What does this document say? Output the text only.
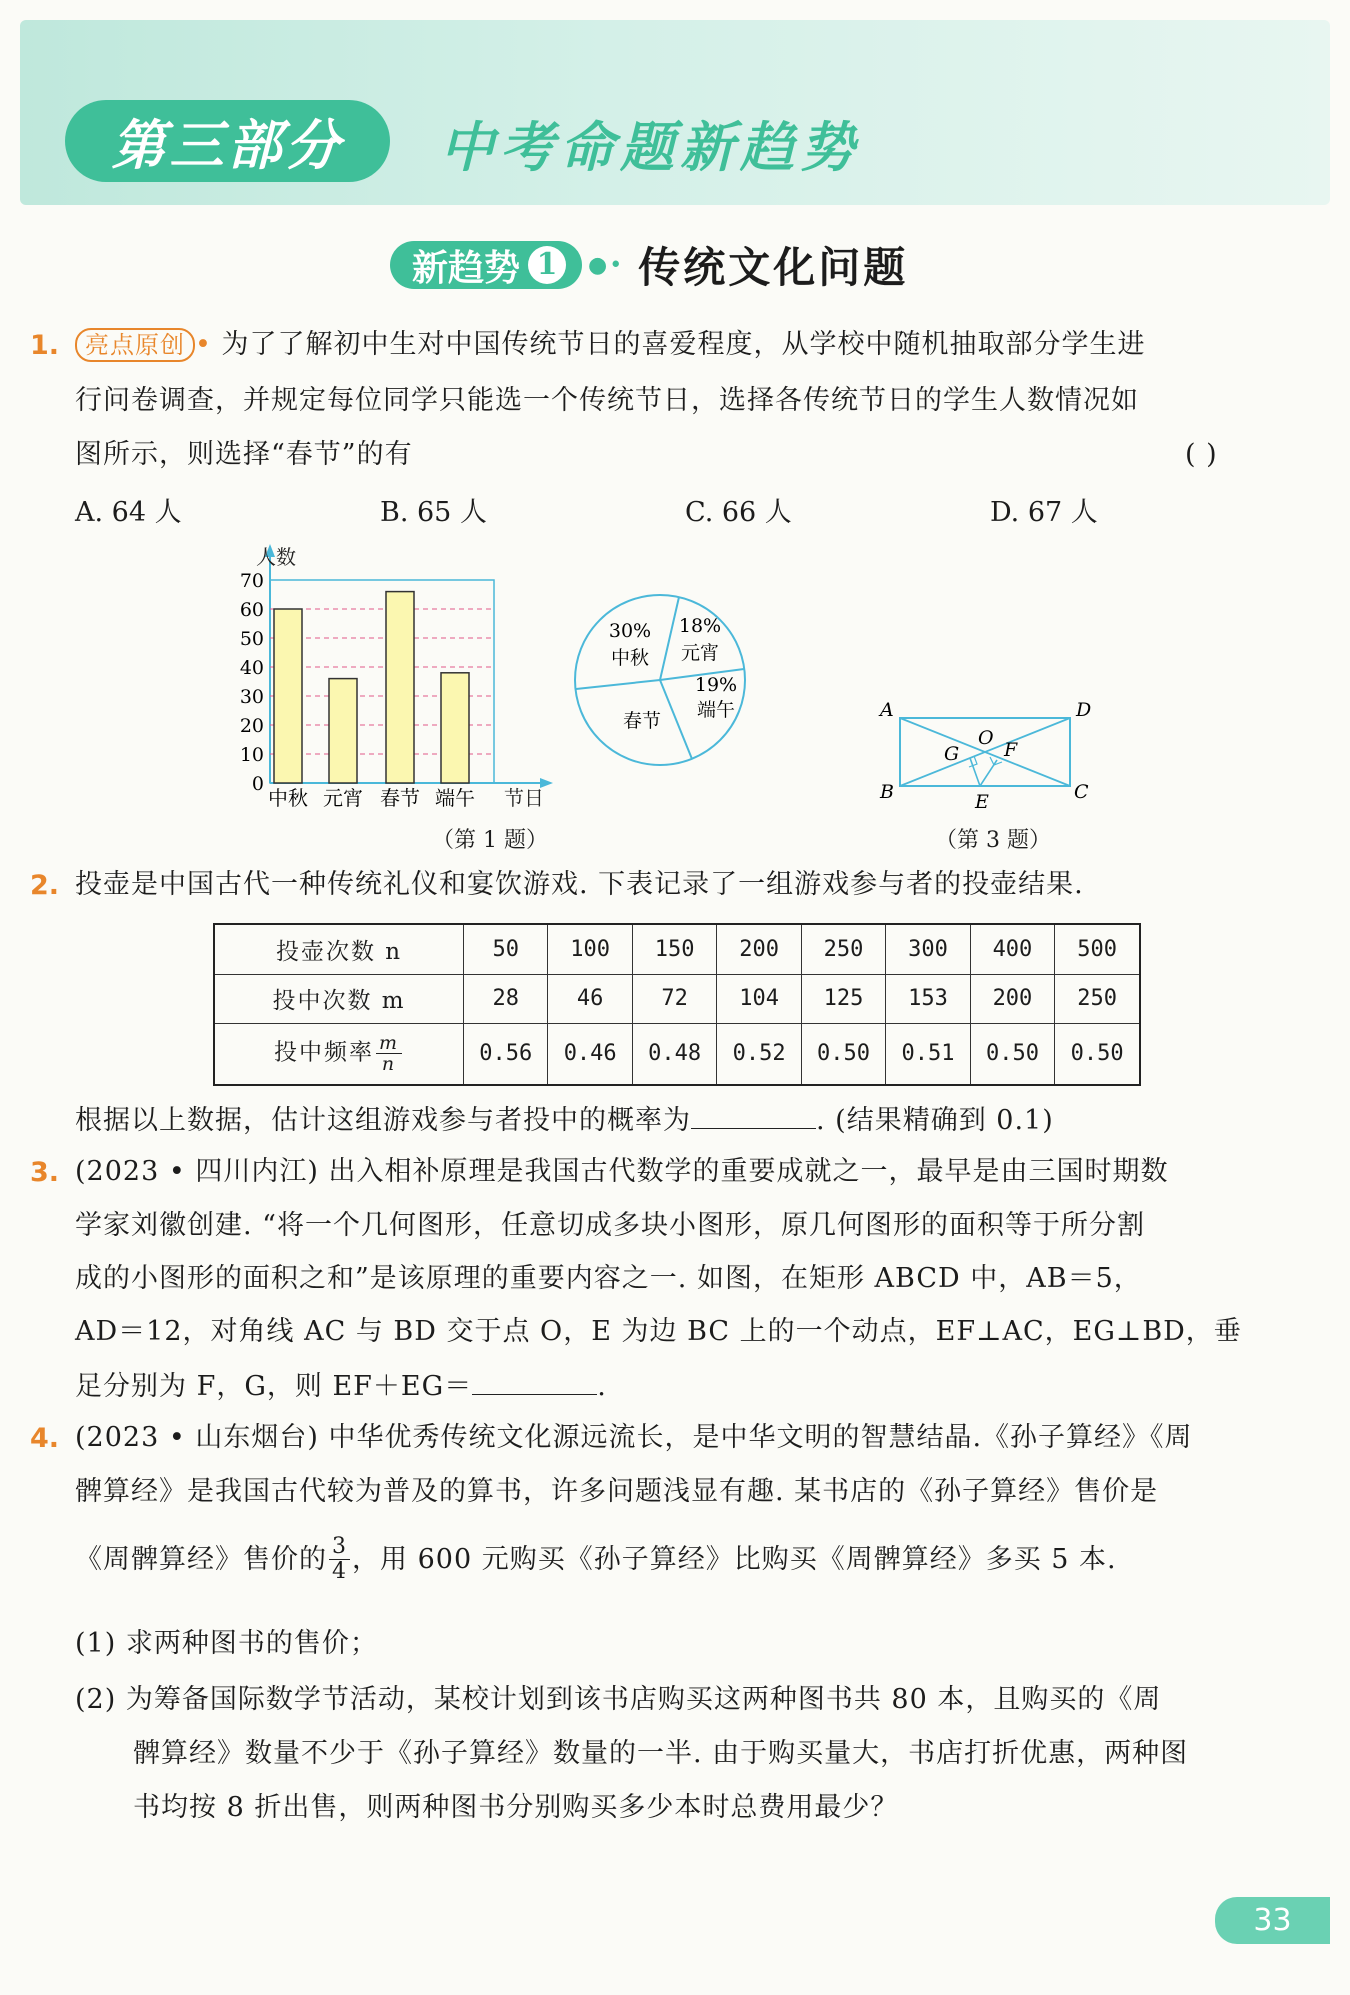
第三部分	中考命题新趋势
新趋势 1	●• 传统文化问题
1.	亮点原创 • 为了了解初中生对中国传统节日的喜爱程度，从学校中随机抽取部分学生进
行问卷调查，并规定每位同学只能选一个传统节日，选择各传统节日的学生人数情况如
图所示，则选择“春节”的有	( )
A. 64 人	B. 65 人	C. 66 人	D. 67 人
人数
节日
0
10
20
30
40
50
60
70
中秋 元宵 春节 端午
30%
中秋
18%
元宵
19%
端午
春节	A	D
B	C
O
G F
E
（第 1 题）	（第 3 题）
2. 投壶是中国古代一种传统礼仪和宴饮游戏. 下表记录了一组游戏参与者的投壶结果.
投壶次数 n	50	100	150	200	250	300	400	500
投中次数 m	28	46	72	104	125	153	200	250
投中频率 $\frac{m}{n}$	0.56	0.46	0.48	0.52	0.50	0.51	0.50	0.50
根据以上数据，估计这组游戏参与者投中的概率为	. (结果精确到 0.1)
3. (2023 • 四川内江) 出入相补原理是我国古代数学的重要成就之一，最早是由三国时期数
学家刘徽创建. “将一个几何图形，任意切成多块小图形，原几何图形的面积等于所分割
成的小图形的面积之和”是该原理的重要内容之一. 如图，在矩形 ABCD 中，AB＝5，
AD＝12，对角线 AC 与 BD 交于点 O，E 为边 BC 上的一个动点，EF⊥AC，EG⊥BD，垂
足分别为 F，G，则 EF＋EG＝	.
4. (2023 • 山东烟台) 中华优秀传统文化源远流长，是中华文明的智慧结晶.《孙子算经》《周
髀算经》是我国古代较为普及的算书，许多问题浅显有趣. 某书店的《孙子算经》售价是
《周髀算经》售价的 $\frac{3}{4}$ ，用 600 元购买《孙子算经》比购买《周髀算经》多买 5 本.
(1) 求两种图书的售价；
(2) 为筹备国际数学节活动，某校计划到该书店购买这两种图书共 80 本，且购买的《周
髀算经》数量不少于《孙子算经》数量的一半. 由于购买量大，书店打折优惠，两种图
书均按 8 折出售，则两种图书分别购买多少本时总费用最少？
33
